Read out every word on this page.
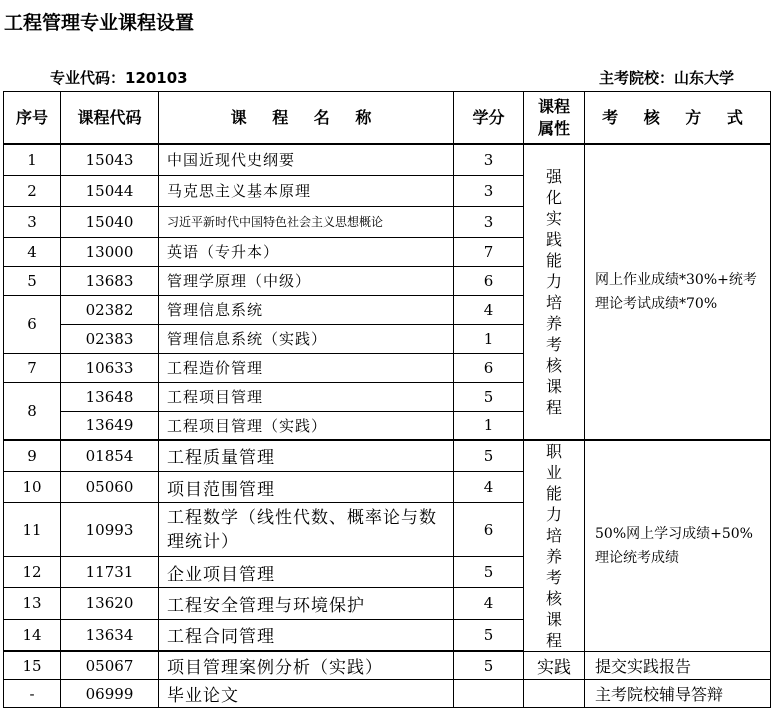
工程管理专业课程设置
专业代码：120103	主考院校：山东大学
序号	课程代码	课 程 名 称	学分	课程属性	考 核 方 式
1	15043	中国近现代史纲要	3	强化实践能力培养考核课程	网上作业成绩*30%+统考理论考试成绩*70%
2	15044	马克思主义基本原理	3		
3	15040	习近平新时代中国特色社会主义思想概论	3		
4	13000	英语（专升本）	7		
5	13683	管理学原理（中级）	6		
6	02382	管理信息系统	4		
	02383	管理信息系统（实践）	1		
7	10633	工程造价管理	6		
8	13648	工程项目管理	5		
	13649	工程项目管理（实践）	1		
9	01854	工程质量管理	5	职业能力培养考核课程	50%网上学习成绩+50%理论统考成绩
10	05060	项目范围管理	4		
11	10993	工程数学（线性代数、概率论与数理统计）	6		
12	11731	企业项目管理	5		
13	13620	工程安全管理与环境保护	4		
14	13634	工程合同管理	5		

15	05067	项目管理案例分析（实践）	5	实践	提交实践报告
-	06999	毕业论文			主考院校辅导答辩
